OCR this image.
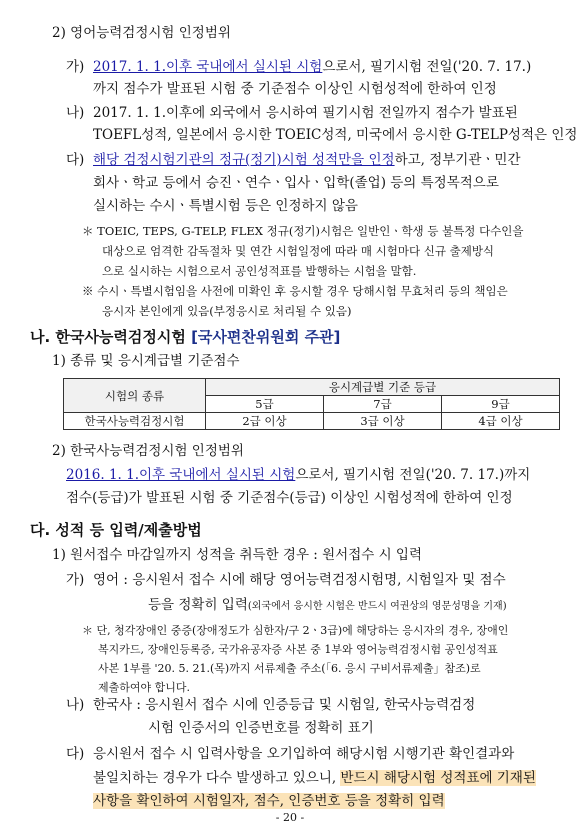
2) 영어능력검정시험 인정범위
가) 2017. 1. 1.이후 국내에서 실시된 시험으로서, 필기시험 전일('20. 7. 17.)
까지 점수가 발표된 시험 중 기준점수 이상인 시험성적에 한하여 인정
나) 2017. 1. 1.이후에 외국에서 응시하여 필기시험 전일까지 점수가 발표된
TOEFL성적, 일본에서 응시한 TOEIC성적, 미국에서 응시한 G-TELP성적은 인정
다) 해당 검정시험기관의 정규(정기)시험 성적만을 인정하고, 정부기관ㆍ민간
회사ㆍ학교 등에서 승진ㆍ연수ㆍ입사ㆍ입학(졸업) 등의 특정목적으로
실시하는 수시ㆍ특별시험 등은 인정하지 않음
＊ TOEIC, TEPS, G-TELP, FLEX 정규(정기)시험은 일반인ㆍ학생 등 불특정 다수인을
대상으로 엄격한 감독절차 및 연간 시험일정에 따라 매 시험마다 신규 출제방식
으로 실시하는 시험으로서 공인성적표를 발행하는 시험을 말함.
※ 수시ㆍ특별시험임을 사전에 미확인 후 응시할 경우 당해시험 무효처리 등의 책임은
응시자 본인에게 있음(부정응시로 처리될 수 있음)
나. 한국사능력검정시험 [국사편찬위원회 주관]
1) 종류 및 응시계급별 기준점수
시험의 종류	응시계급별 기준 등급		
	5급	7급	9급
한국사능력검정시험	2급 이상	3급 이상	4급 이상
2) 한국사능력검정시험 인정범위
2016. 1. 1.이후 국내에서 실시된 시험으로서, 필기시험 전일('20. 7. 17.)까지
점수(등급)가 발표된 시험 중 기준점수(등급) 이상인 시험성적에 한하여 인정
다. 성적 등 입력/제출방법
1) 원서접수 마감일까지 성적을 취득한 경우 : 원서접수 시 입력
가) 영어 : 응시원서 접수 시에 해당 영어능력검정시험명, 시험일자 및 점수
등을 정확히 입력(외국에서 응시한 시험은 반드시 여권상의 영문성명을 기재)
＊ 단, 청각장애인 중증(장애정도가 심한자/구 2ㆍ3급)에 해당하는 응시자의 경우, 장애인
복지카드, 장애인등록증, 국가유공자증 사본 중 1부와 영어능력검정시험 공인성적표
사본 1부를 '20. 5. 21.(목)까지 서류제출 주소(「6. 응시 구비서류제출」참조)로
제출하여야 합니다.
나) 한국사 : 응시원서 접수 시에 인증등급 및 시험일, 한국사능력검정
시험 인증서의 인증번호를 정확히 표기
다) 응시원서 접수 시 입력사항을 오기입하여 해당시험 시행기관 확인결과와
불일치하는 경우가 다수 발생하고 있으니, 반드시 해당시험 성적표에 기재된
사항을 확인하여 시험일자, 점수, 인증번호 등을 정확히 입력
- 20 -
